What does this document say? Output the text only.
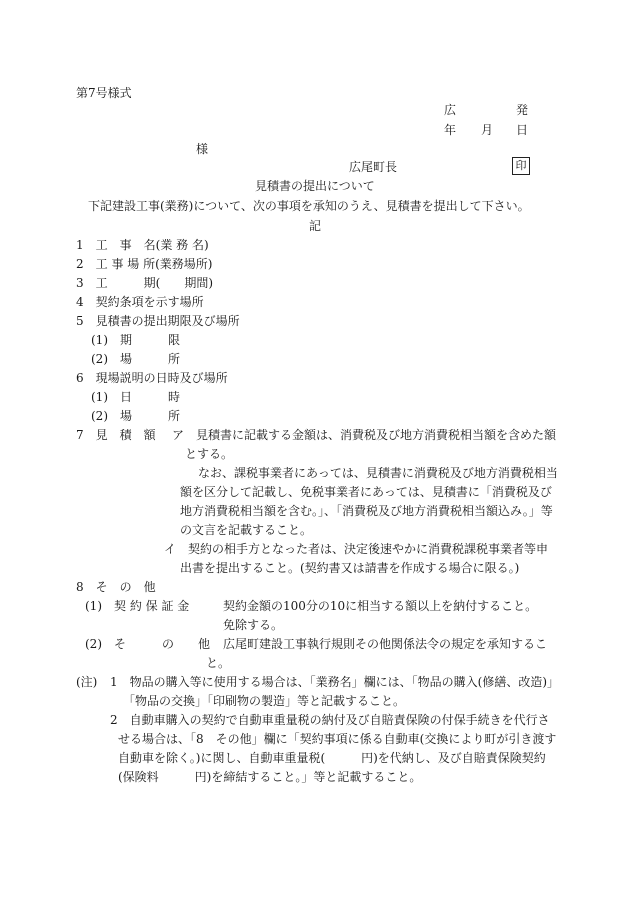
第7号様式
広	発
年 月 日
様
広尾町長	印
見積書の提出について
下記建設工事(業務)について、次の事項を承知のうえ、見積書を提出して下さい。
記
1　工　事　名(業 務 名)
2　工 事 場 所(業務場所)
3　工　　　期(　　期間)
4　契約条項を示す場所
5　見積書の提出期限及び場所
(1)　期　　　限
(2)　場　　　所
6　現場説明の日時及び場所
(1)　日　　　時
(2)　場　　　所
7　見　積　額 ア　見積書に記載する金額は、消費税及び地方消費税相当額を含めた額
とする。
なお、課税事業者にあっては、見積書に消費税及び地方消費税相当
額を区分して記載し、免税事業者にあっては、見積書に「消費税及び
地方消費税相当額を含む。」、「消費税及び地方消費税相当額込み。」等
の文言を記載すること。
イ　契約の相手方となった者は、決定後速やかに消費税課税事業者等申
出書を提出すること。(契約書又は請書を作成する場合に限る。)
8　そ　の　他
(1)　契 約 保 証 金	契約金額の100分の10に相当する額以上を納付すること。
免除する。
(2)　そ　　　の　　他 広尾町建設工事執行規則その他関係法令の規定を承知するこ
と。
(注) 1　物品の購入等に使用する場合は、「業務名」欄には、「物品の購入(修繕、改造)」
「物品の交換」「印刷物の製造」等と記載すること。
2　自動車購入の契約で自動車重量税の納付及び自賠責保険の付保手続きを代行さ
せる場合は、「8　その他」欄に「契約事項に係る自動車(交換により町が引き渡す
自動車を除く。)に関し、自動車重量税(　　　円)を代納し、及び自賠責保険契約
(保険料　　　円)を締結すること。」等と記載すること。
